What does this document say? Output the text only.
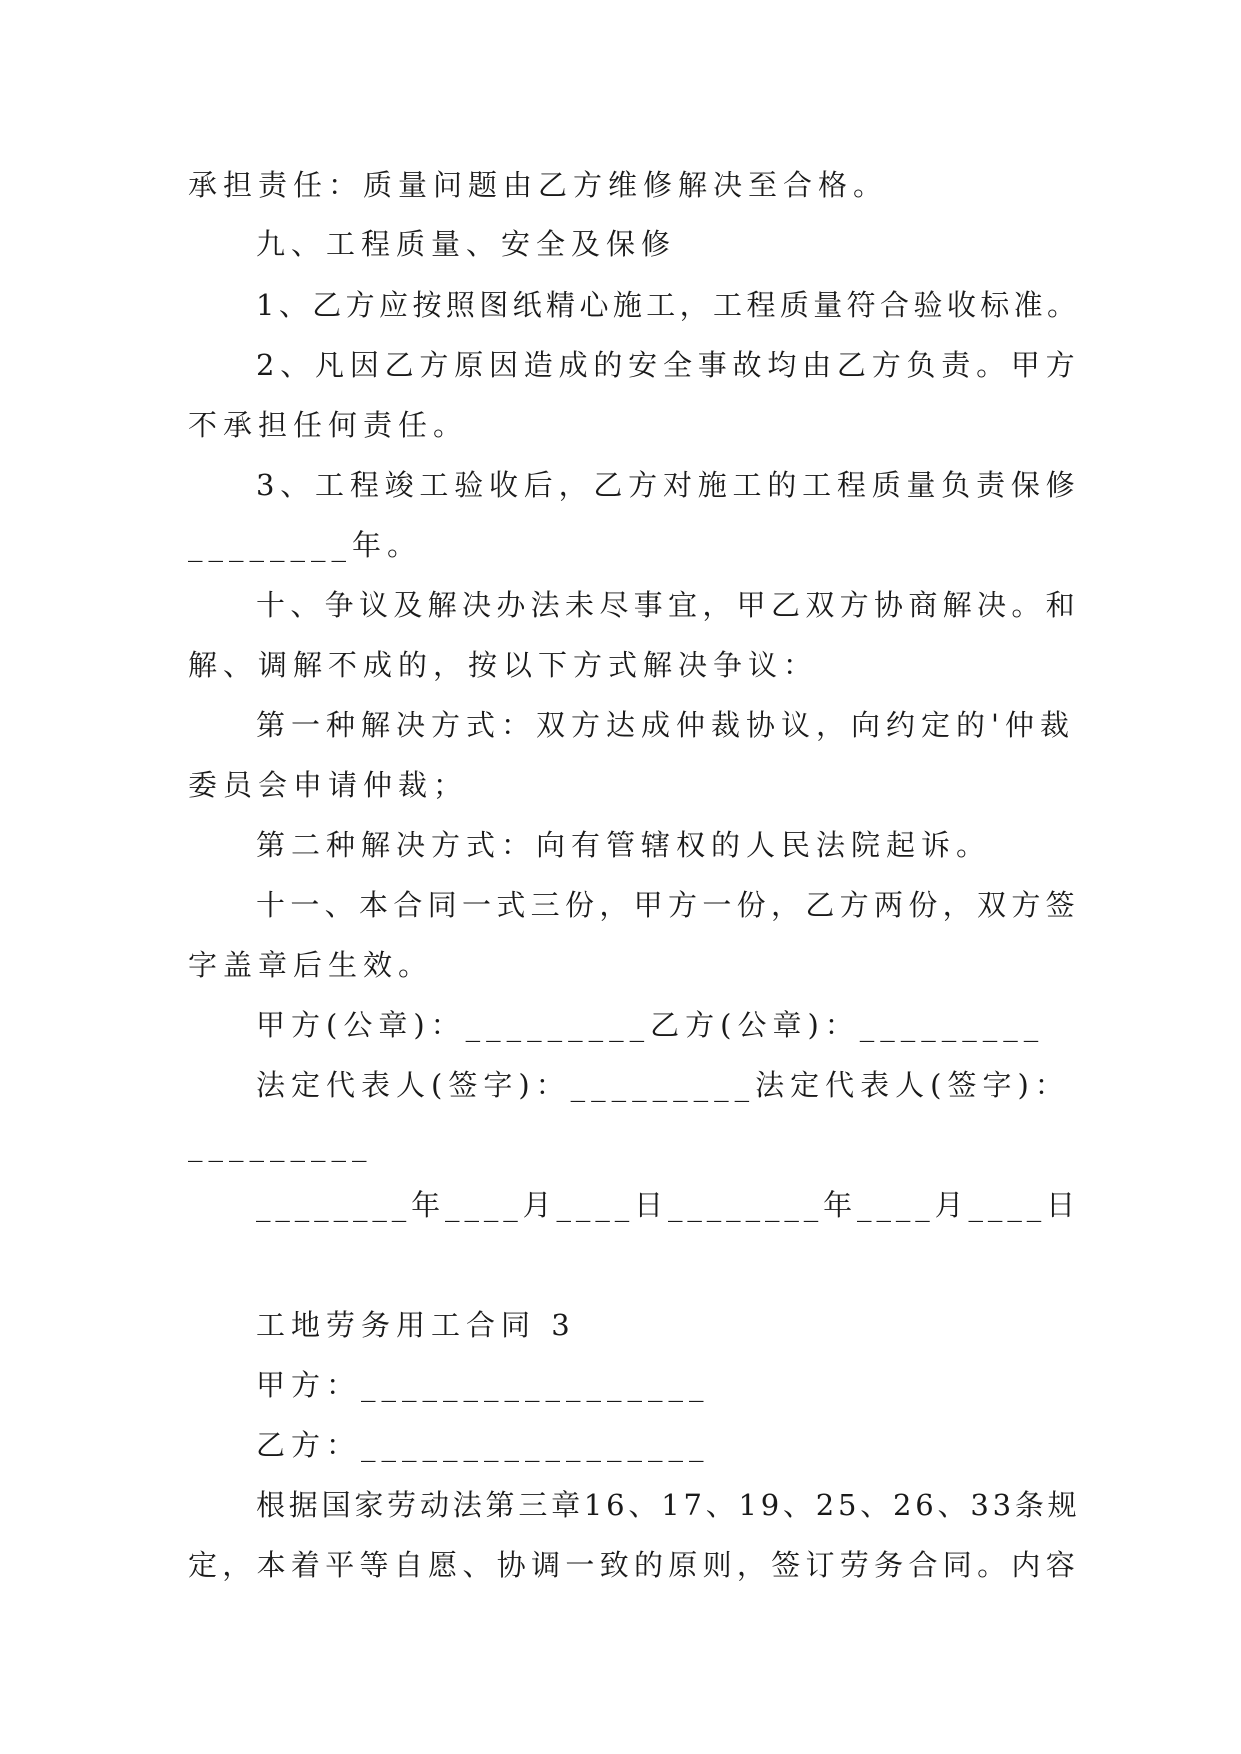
承担责任：质量问题由乙方维修解决至合格。
九、工程质量、安全及保修
1、乙方应按照图纸精心施工，工程质量符合验收标准。
2、凡因乙方原因造成的安全事故均由乙方负责。甲方
不承担任何责任。
3、工程竣工验收后，乙方对施工的工程质量负责保修
________年。
十、争议及解决办法未尽事宜，甲乙双方协商解决。和
解、调解不成的，按以下方式解决争议：
第一种解决方式：双方达成仲裁协议，向约定的'仲裁
委员会申请仲裁；
第二种解决方式：向有管辖权的人民法院起诉。
十一、本合同一式三份，甲方一份，乙方两份，双方签
字盖章后生效。
甲方(公章)：_________乙方(公章)：_________
法定代表人(签字)：_________法定代表人(签字)：
_________
________年____月____日________年____月____日
工地劳务用工合同 3
甲方：_________________
乙方：_________________
根据国家劳动法第三章16、17、19、25、26、33条规
定，本着平等自愿、协调一致的原则，签订劳务合同。内容
